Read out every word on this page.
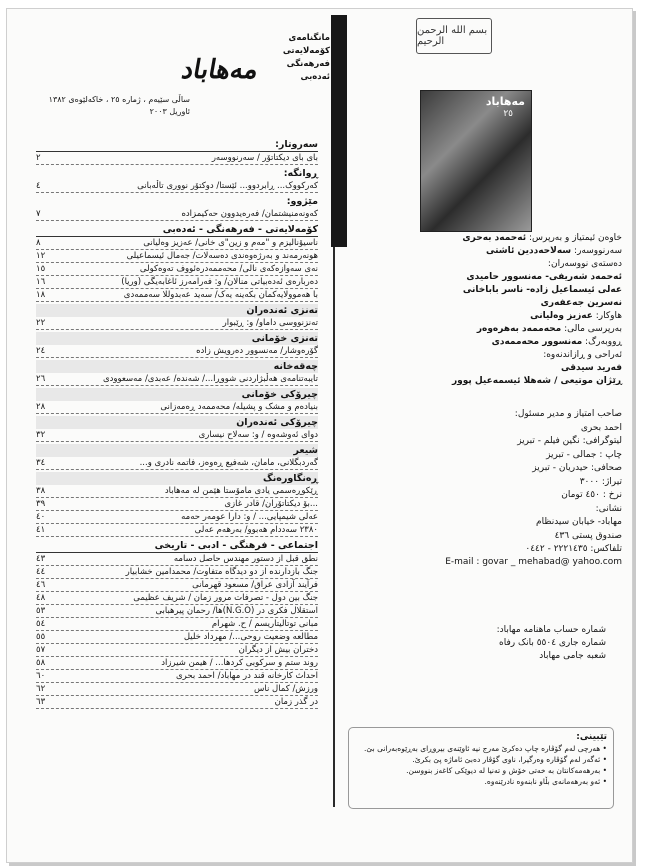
بسم الله الرحمن الرحيم
مەهاباد
٢٥
خاوەن ئیمتیاز و بەرپرس: ئەحمەد بەحری
سەرنووسەر: سەلاحەددین ئاشتی
دەستەی نووسەران:
ئەحمەد شەریفی- مەنسوور حامیدی
عەلی ئیسماعیل زادە- ناسر باباخانی
نەسرین جەعفەری
هاوکار: عەزیز وەلیانی
بەرپرسی مالی: محەممەد بەهرەوەر
ڕووبەرگ: مەنسوور محەممەدی
ئەراحی و ڕازاندنەوە:
فەرید سیدقی
ڕێژان موتیعی / شەهلا ئیسمەعیل پوور
صاحب امتیاز و مدیر مسئول:
احمد بحری
لیتوگرافی: نگین فیلم - تبریز
چاپ : جمالی - تبریز
صحافی: حیدریان - تبریز
تیراژ: ٣٠٠٠
نرخ : ٤٥٠ تومان
نشانی:
مهاباد- خیابان سیدنظام
صندوق پستی ٤٣٦
تلفاکس: ٢٢٢١٤٣٥ - ٠٤٤٢
E-mail : govar _ mehabad@ yahoo.com
شماره حساب ماهنامه مهاباد:
شماره جاری ٥٥٠٤ بانک رفاه
شعبه جامی مهاباد
تێبینی:
• هەرچی لەم گۆڤارە چاپ دەکرێ مەرج نیە ئاوێنەی بیروڕای بەڕێوەبەرانی بێ.
• ئەگەر لەم گۆڤارە وەرگیرا، ناوی گۆڤار دەبێ ئاماژە پێ بکرێ.
• بەرهەمەکانتان بە خەتی خۆش و تەنیا لە دیوێکی کاغەز بنووسن.
• ئەو بەرهەمانەی بڵاو نابنەوە نادرێنەوە.
مەهاباد
مانگنامەی
کۆمەلایەتی
فەرهەنگی
ئەدەبی
ساڵی سێیەم ، ژمارە ٢٥ ، خاکەلێوەی ١٣٨٢
ئاوریل ٢٠٠٣
سەروتار:
بای بای دیکتاتۆر / سەرنووسەر
٢
ڕوانگە:
کەرکووک... ڕابردوو... ئێستا/ دوکتۆر نووری تاڵەبانی
٤
مێژوو:
کەونەمنیشتمان/ فەرەیدوون حەکیمزادە
٧
کۆمەلایەتی - فەرهەنگی - ئەدەبی
ناسیۆنالیزم و "مەم و زین"ی خانی/ عەزیز وەلیانی
٨
هونەرمەند و بەرژەوەندی دەسەلات/ جەمال ئیسماعیلی
١٢
نەی سەوازەکەی نالی/ محەممەدرەئووف تەوەکولی
١٥
دەربارەی ئەدەبیاتی منالان/ و: فەرامەرز ئاغابەیگی (وریا)
١٦
با هەموولایەکمان بکەینە یەک/ سەید عەبدوللا سەممەدی
١٨
تەنزی ئەندەران
تەنزنووسی داماو/ و: ڕێبوار
٢٢
تەنزی خۆمانی
گۆرەوشار/ مەنسوور دەرویش زادە
٢٤
چەقەخانە
تایبەتنامەی هەڵبژاردنی شووڕا.../ شەندە/ عەبدی/ مەسعوودی
٢٦
چیرۆکی خۆمانی
بنیادەم و مشک و پشیلە/ محەممەد ڕەمەزانی
٢٨
چیرۆکی ئەندەران
دوای ئەوشەوە / و: سەلاح نیساری
٣٢
شیعر
گەردبگلانی، مامان، شەفیع ڕەوەز، فاتمە نادری و...
٣٤
ڕەنگاورەنگ
ڕێکوڕەسمی یادی مامۆستا هێمن لە مەهاباد
٣٨
...بۆ دیکتاتۆران/ قادر غازی
٣٩
عەلی شیمپایی... / و: دارا عومەر حەمە
٤٠
٢٣٨٠ سەددام هەبوو/ بەرهەم عەلی
٤١
اجتماعی - فرهنگی - ادبی - تاریخی
نطق قبل از دستور مهندس حاصل دسامه
٤٣
جنگ بازدارنده از دو دیدگاه متفاوت/ محمدامین خشابیار
٤٤
فرآیند آزادی عراق/ مسعود قهرمانی
٤٦
جنگ بین دول - تصرفات مرور زمان / شریف عظیمی
٤٨
استقلال فکری در (N.G.O)ها/ رحمان پیرهبابی
٥٣
مبانی توتالیتاریسم / ح. شهرام
٥٤
مطالعه وضعیت روحی.../ مهرداد خلیل
٥٥
دختران بیش از دیگران
٥٧
روند ستم و سرکوبی کردها... / هیمن شیرزاد
٥٨
احداث کارخانه قند در مهاباد/ احمد بحری
٦٠
ورزش/ کمال ناس
٦٢
در گذر زمان
٦٣
